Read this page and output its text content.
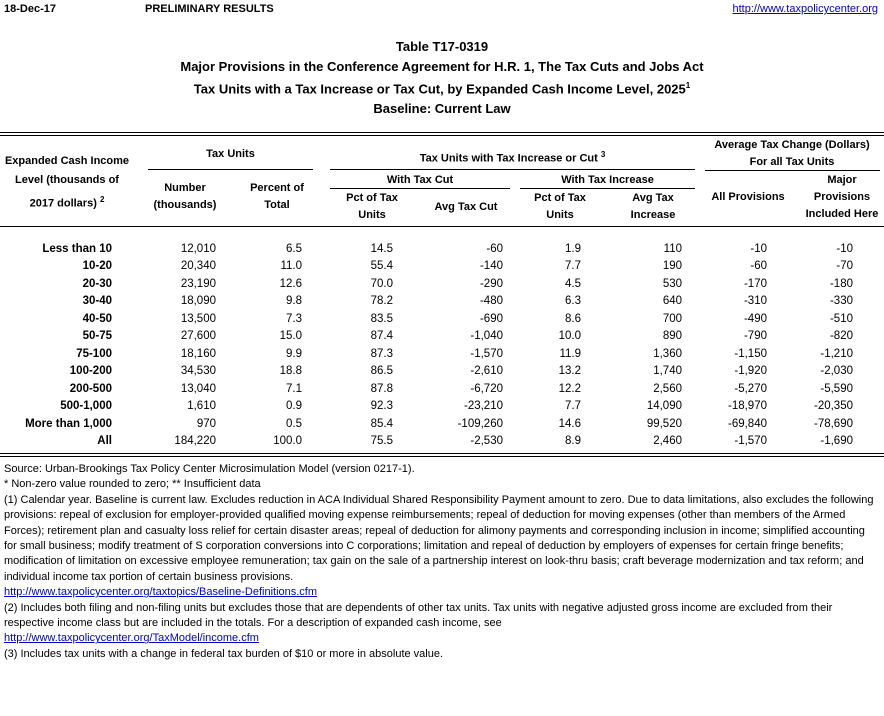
18-Dec-17	PRELIMINARY RESULTS	http://www.taxpolicycenter.org
Table T17-0319
Major Provisions in the Conference Agreement for H.R. 1, The Tax Cuts and Jobs Act
Tax Units with a Tax Increase or Tax Cut, by Expanded Cash Income Level, 2025$^1$
Baseline: Current Law
Expanded Cash Income Level (thousands of 2017 dollars) $^2$
Tax Units
Number (thousands)
Percent of Total
Tax Units with Tax Increase or Cut $^3$
With Tax Cut	With Tax Increase
Pct of Tax Units
Avg Tax Cut
Pct of Tax Units
Avg Tax Increase
Average Tax Change (Dollars) For all Tax Units
All Provisions
Major Provisions Included Here
Less than 10	12,010	6.5	14.5	-60	1.9	110	-10	-10
10-20	20,340	11.0	55.4	-140	7.7	190	-60	-70
20-30	23,190	12.6	70.0	-290	4.5	530	-170	-180
30-40	18,090	9.8	78.2	-480	6.3	640	-310	-330
40-50	13,500	7.3	83.5	-690	8.6	700	-490	-510
50-75	27,600	15.0	87.4	-1,040	10.0	890	-790	-820
75-100	18,160	9.9	87.3	-1,570	11.9	1,360	-1,150	-1,210
100-200	34,530	18.8	86.5	-2,610	13.2	1,740	-1,920	-2,030
200-500	13,040	7.1	87.8	-6,720	12.2	2,560	-5,270	-5,590
500-1,000	1,610	0.9	92.3	-23,210	7.7	14,090	-18,970	-20,350
More than 1,000	970	0.5	85.4	-109,260	14.6	99,520	-69,840	-78,690
All	184,220	100.0	75.5	-2,530	8.9	2,460	-1,570	-1,690

Source: Urban-Brookings Tax Policy Center Microsimulation Model (version 0217-1).

* Non-zero value rounded to zero; ** Insufficient data

(1) Calendar year. Baseline is current law. Excludes reduction in ACA Individual Shared Responsibility Payment amount to zero. Due to data limitations, also excludes the following provisions: repeal of exclusion for employer-provided qualified moving expense reimbursements; repeal of deduction for moving expenses (other than members of the Armed Forces); retirement plan and casualty loss relief for certain disaster areas; repeal of deduction for alimony payments and corresponding inclusion in income; simplified accounting for small business; modify treatment of S corporation conversions into C corporations; limitation and repeal of deduction by employers of expenses for certain fringe benefits; modification of limitation on excessive employee remuneration; tax gain on the sale of a partnership interest on look-thru basis; craft beverage modernization and tax reform; and individual income tax portion of certain business provisions.

http://www.taxpolicycenter.org/taxtopics/Baseline-Definitions.cfm

(2) Includes both filing and non-filing units but excludes those that are dependents of other tax units. Tax units with negative adjusted gross income are excluded from their respective income class but are included in the totals. For a description of expanded cash income, see

http://www.taxpolicycenter.org/TaxModel/income.cfm

(3) Includes tax units with a change in federal tax burden of $10 or more in absolute value.
